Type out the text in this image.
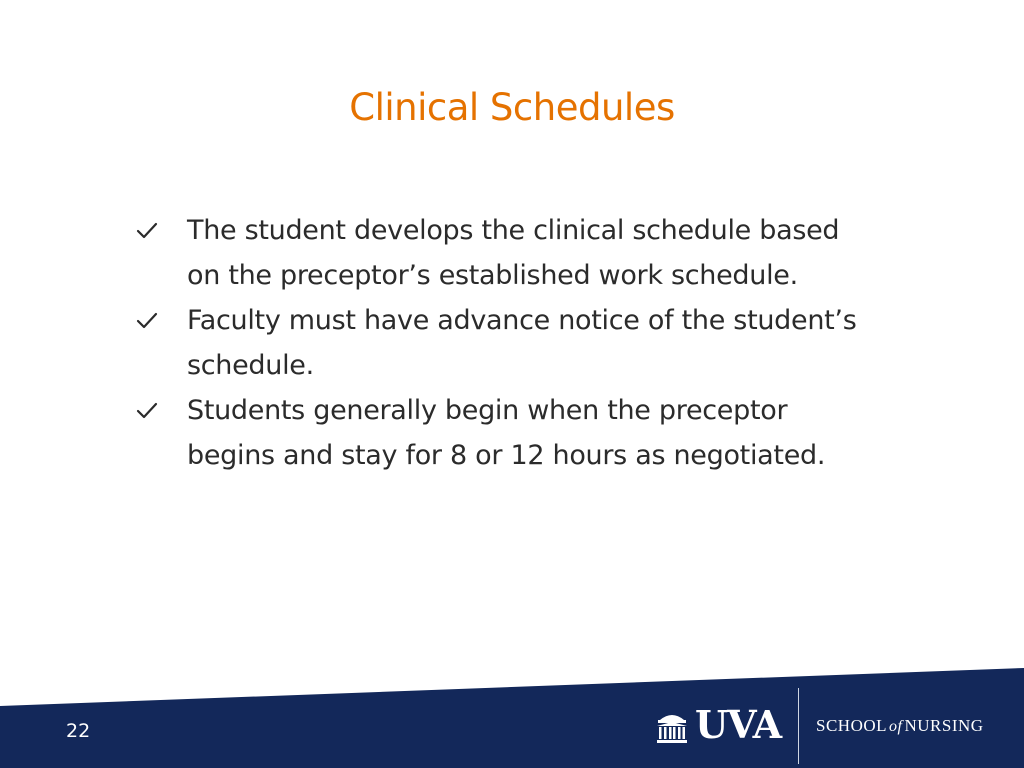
Clinical Schedules
The student develops the clinical schedule based
on the preceptor’s established work schedule.
Faculty must have advance notice of the student’s
schedule.
Students generally begin when the preceptor
begins and stay for 8 or 12 hours as negotiated.
22	UVA SCHOOL of NURSING
